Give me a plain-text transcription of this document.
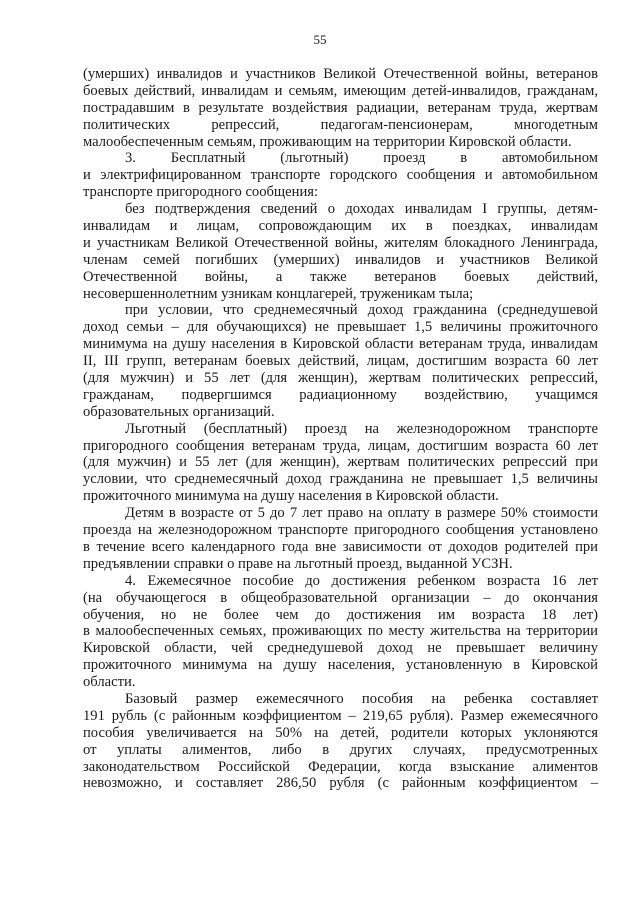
55
(умерших) инвалидов и участников Великой Отечественной войны, ветеранов
боевых действий, инвалидам и семьям, имеющим детей-инвалидов, гражданам,
пострадавшим в результате воздействия радиации, ветеранам труда, жертвам
политических репрессий, педагогам-пенсионерам, многодетным
малообеспеченным семьям, проживающим на территории Кировской области.
3. Бесплатный (льготный) проезд в автомобильном
и электрифицированном транспорте городского сообщения и автомобильном
транспорте пригородного сообщения:
без подтверждения сведений о доходах инвалидам I группы, детям-
инвалидам и лицам, сопровождающим их в поездках, инвалидам
и участникам Великой Отечественной войны, жителям блокадного Ленинграда,
членам семей погибших (умерших) инвалидов и участников Великой
Отечественной войны, а также ветеранов боевых действий,
несовершеннолетним узникам концлагерей, труженикам тыла;
при условии, что среднемесячный доход гражданина (среднедушевой
доход семьи – для обучающихся) не превышает 1,5 величины прожиточного
минимума на душу населения в Кировской области ветеранам труда, инвалидам
II, III групп, ветеранам боевых действий, лицам, достигшим возраста 60 лет
(для мужчин) и 55 лет (для женщин), жертвам политических репрессий,
гражданам, подвергшимся радиационному воздействию, учащимся
образовательных организаций.
Льготный (бесплатный) проезд на железнодорожном транспорте
пригородного сообщения ветеранам труда, лицам, достигшим возраста 60 лет
(для мужчин) и 55 лет (для женщин), жертвам политических репрессий при
условии, что среднемесячный доход гражданина не превышает 1,5 величины
прожиточного минимума на душу населения в Кировской области.
Детям в возрасте от 5 до 7 лет право на оплату в размере 50% стоимости
проезда на железнодорожном транспорте пригородного сообщения установлено
в течение всего календарного года вне зависимости от доходов родителей при
предъявлении справки о праве на льготный проезд, выданной УСЗН.
4. Ежемесячное пособие до достижения ребенком возраста 16 лет
(на обучающегося в общеобразовательной организации – до окончания
обучения, но не более чем до достижения им возраста 18 лет)
в малообеспеченных семьях, проживающих по месту жительства на территории
Кировской области, чей среднедушевой доход не превышает величину
прожиточного минимума на душу населения, установленную в Кировской
области.
Базовый размер ежемесячного пособия на ребенка составляет
191 рубль (с районным коэффициентом – 219,65 рубля). Размер ежемесячного
пособия увеличивается на 50% на детей, родители которых уклоняются
от уплаты алиментов, либо в других случаях, предусмотренных
законодательством Российской Федерации, когда взыскание алиментов
невозможно, и составляет 286,50 рубля (с районным коэффициентом –
